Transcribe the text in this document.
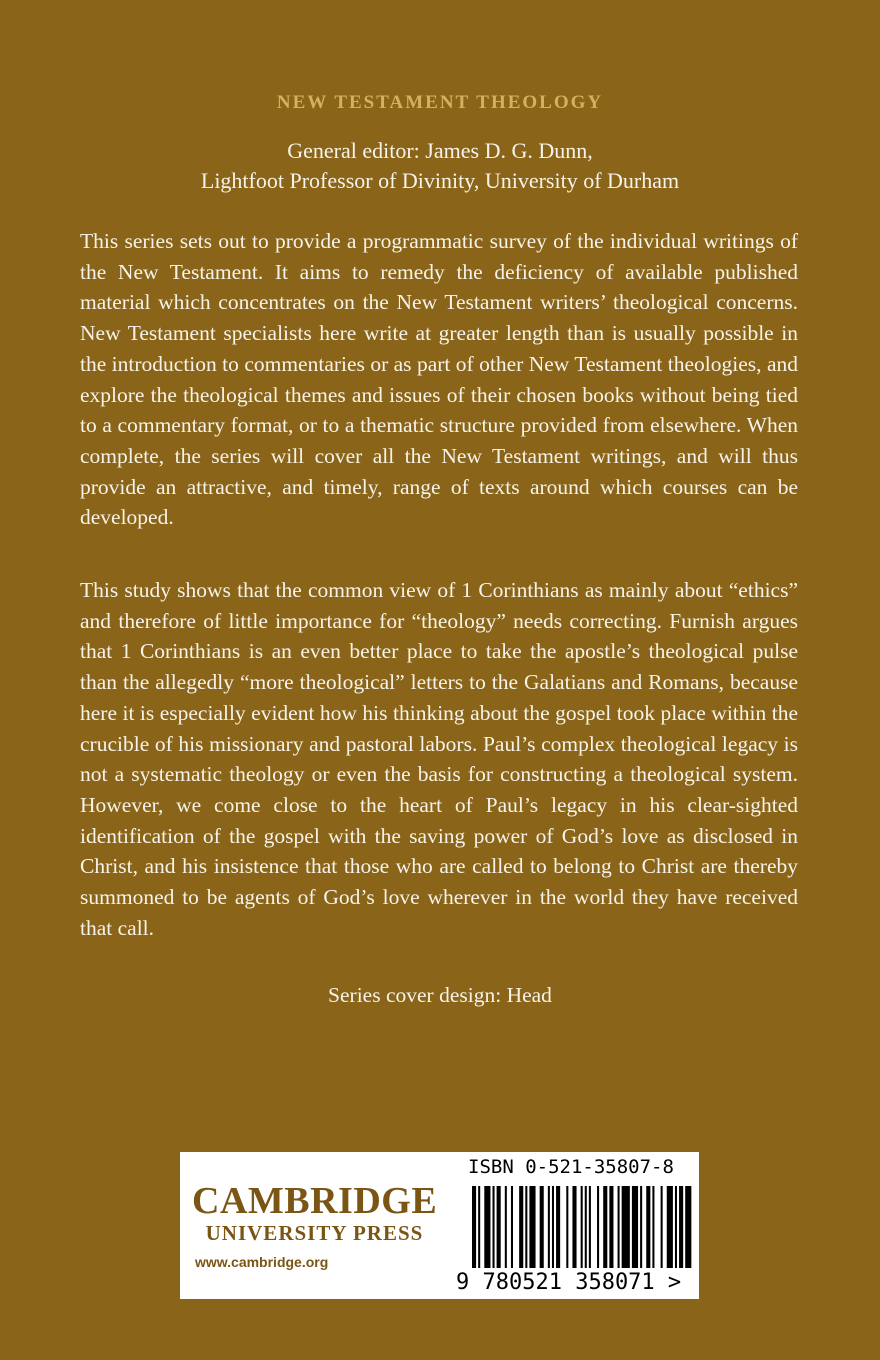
NEW TESTAMENT THEOLOGY
General editor: James D. G. Dunn,
Lightfoot Professor of Divinity, University of Durham

This series sets out to provide a programmatic survey of the individual writings of the New Testament. It aims to remedy the deficiency of available published material which concentrates on the New Testament writers’ theological concerns. New Testament specialists here write at greater length than is usually possible in the introduction to commentaries or as part of other New Testament theologies, and explore the theological themes and issues of their chosen books without being tied to a commentary format, or to a thematic structure provided from elsewhere. When complete, the series will cover all the New Testament writings, and will thus provide an attractive, and timely, range of texts around which courses can be developed.

This study shows that the common view of 1 Corinthians as mainly about “ethics” and therefore of little importance for “theology” needs correcting. Furnish argues that 1 Corinthians is an even better place to take the apostle’s theological pulse than the allegedly “more theological” letters to the Galatians and Romans, because here it is especially evident how his thinking about the gospel took place within the crucible of his missionary and pastoral labors. Paul’s complex theological legacy is not a systematic theology or even the basis for constructing a theological system. However, we come close to the heart of Paul’s legacy in his clear-sighted identification of the gospel with the saving power of God’s love as disclosed in Christ, and his insistence that those who are called to belong to Christ are thereby summoned to be agents of God’s love wherever in the world they have received that call.

Series cover design: Head
CAMBRIDGE
UNIVERSITY PRESS
www.cambridge.org
ISBN 0-521-35807-8
9 780521 358071 >
